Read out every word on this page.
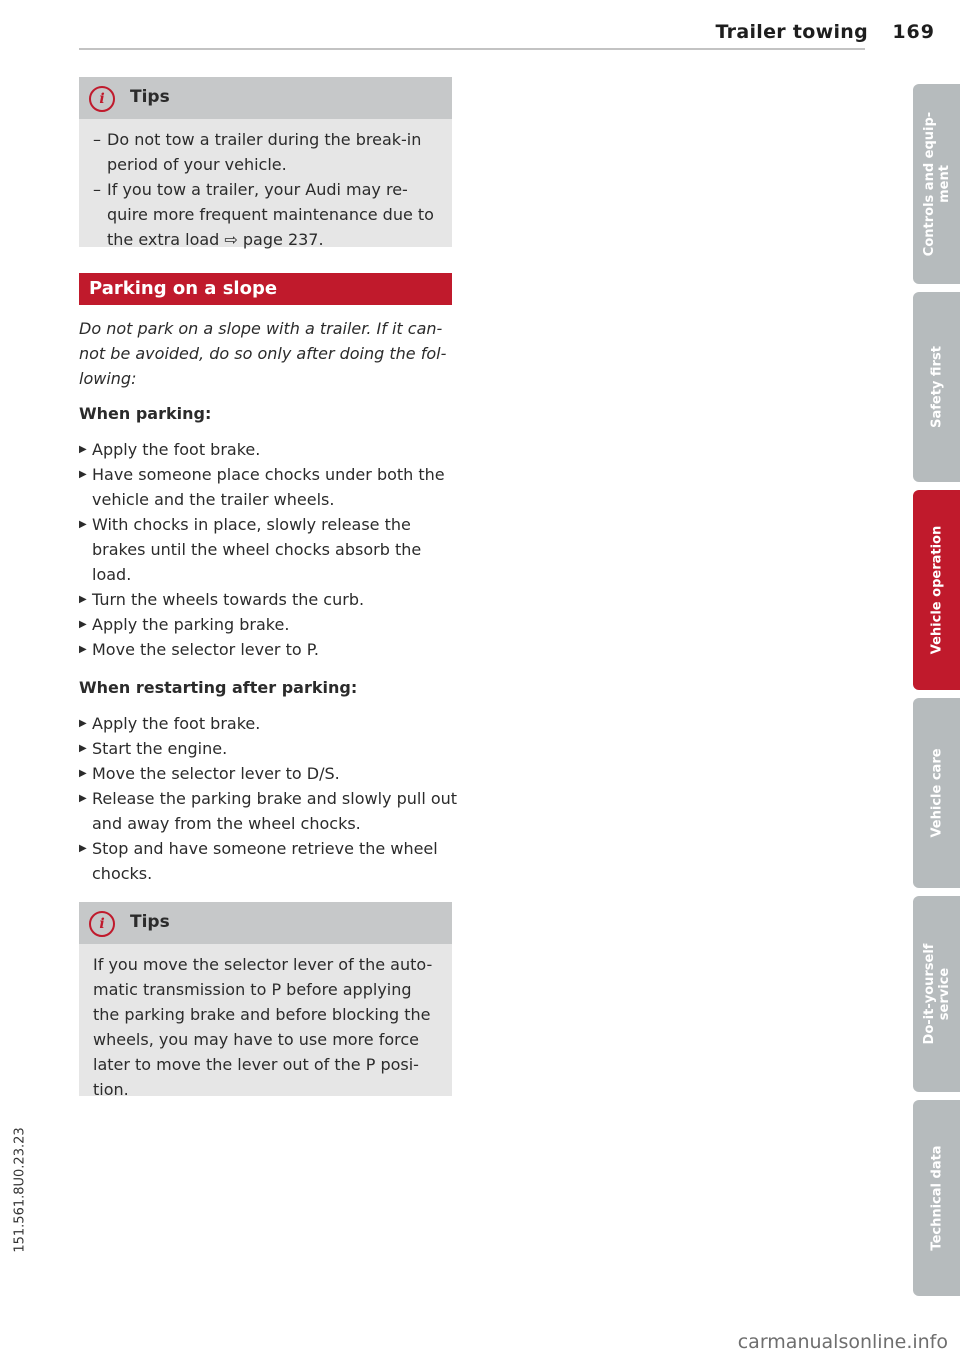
Trailer towing 169
i	Tips
– Do not tow a trailer during the break-in period of your vehicle.
– If you tow a trailer, your Audi may re-quire more frequent maintenance due to the extra load ⇨ page 237.
Parking on a slope
Do not park on a slope with a trailer. If it can-not be avoided, do so only after doing the fol-lowing:
When parking:
▶ Apply the foot brake.
▶ Have someone place chocks under both the vehicle and the trailer wheels.
▶ With chocks in place, slowly release the brakes until the wheel chocks absorb the load.
▶ Turn the wheels towards the curb.
▶ Apply the parking brake.
▶ Move the selector lever to P.
When restarting after parking:
▶ Apply the foot brake.
▶ Start the engine.
▶ Move the selector lever to D/S.
▶ Release the parking brake and slowly pull out and away from the wheel chocks.
▶ Stop and have someone retrieve the wheel chocks.
i	Tips
If you move the selector lever of the auto-matic transmission to P before applying the parking brake and before blocking the wheels, you may have to use more force later to move the lever out of the P posi-tion.
Controls and equip- ment
Safety first
Vehicle operation
Vehicle care
Do-it-yourself service
Technical data
151.561.8U0.23.23
carmanualsonline.info
